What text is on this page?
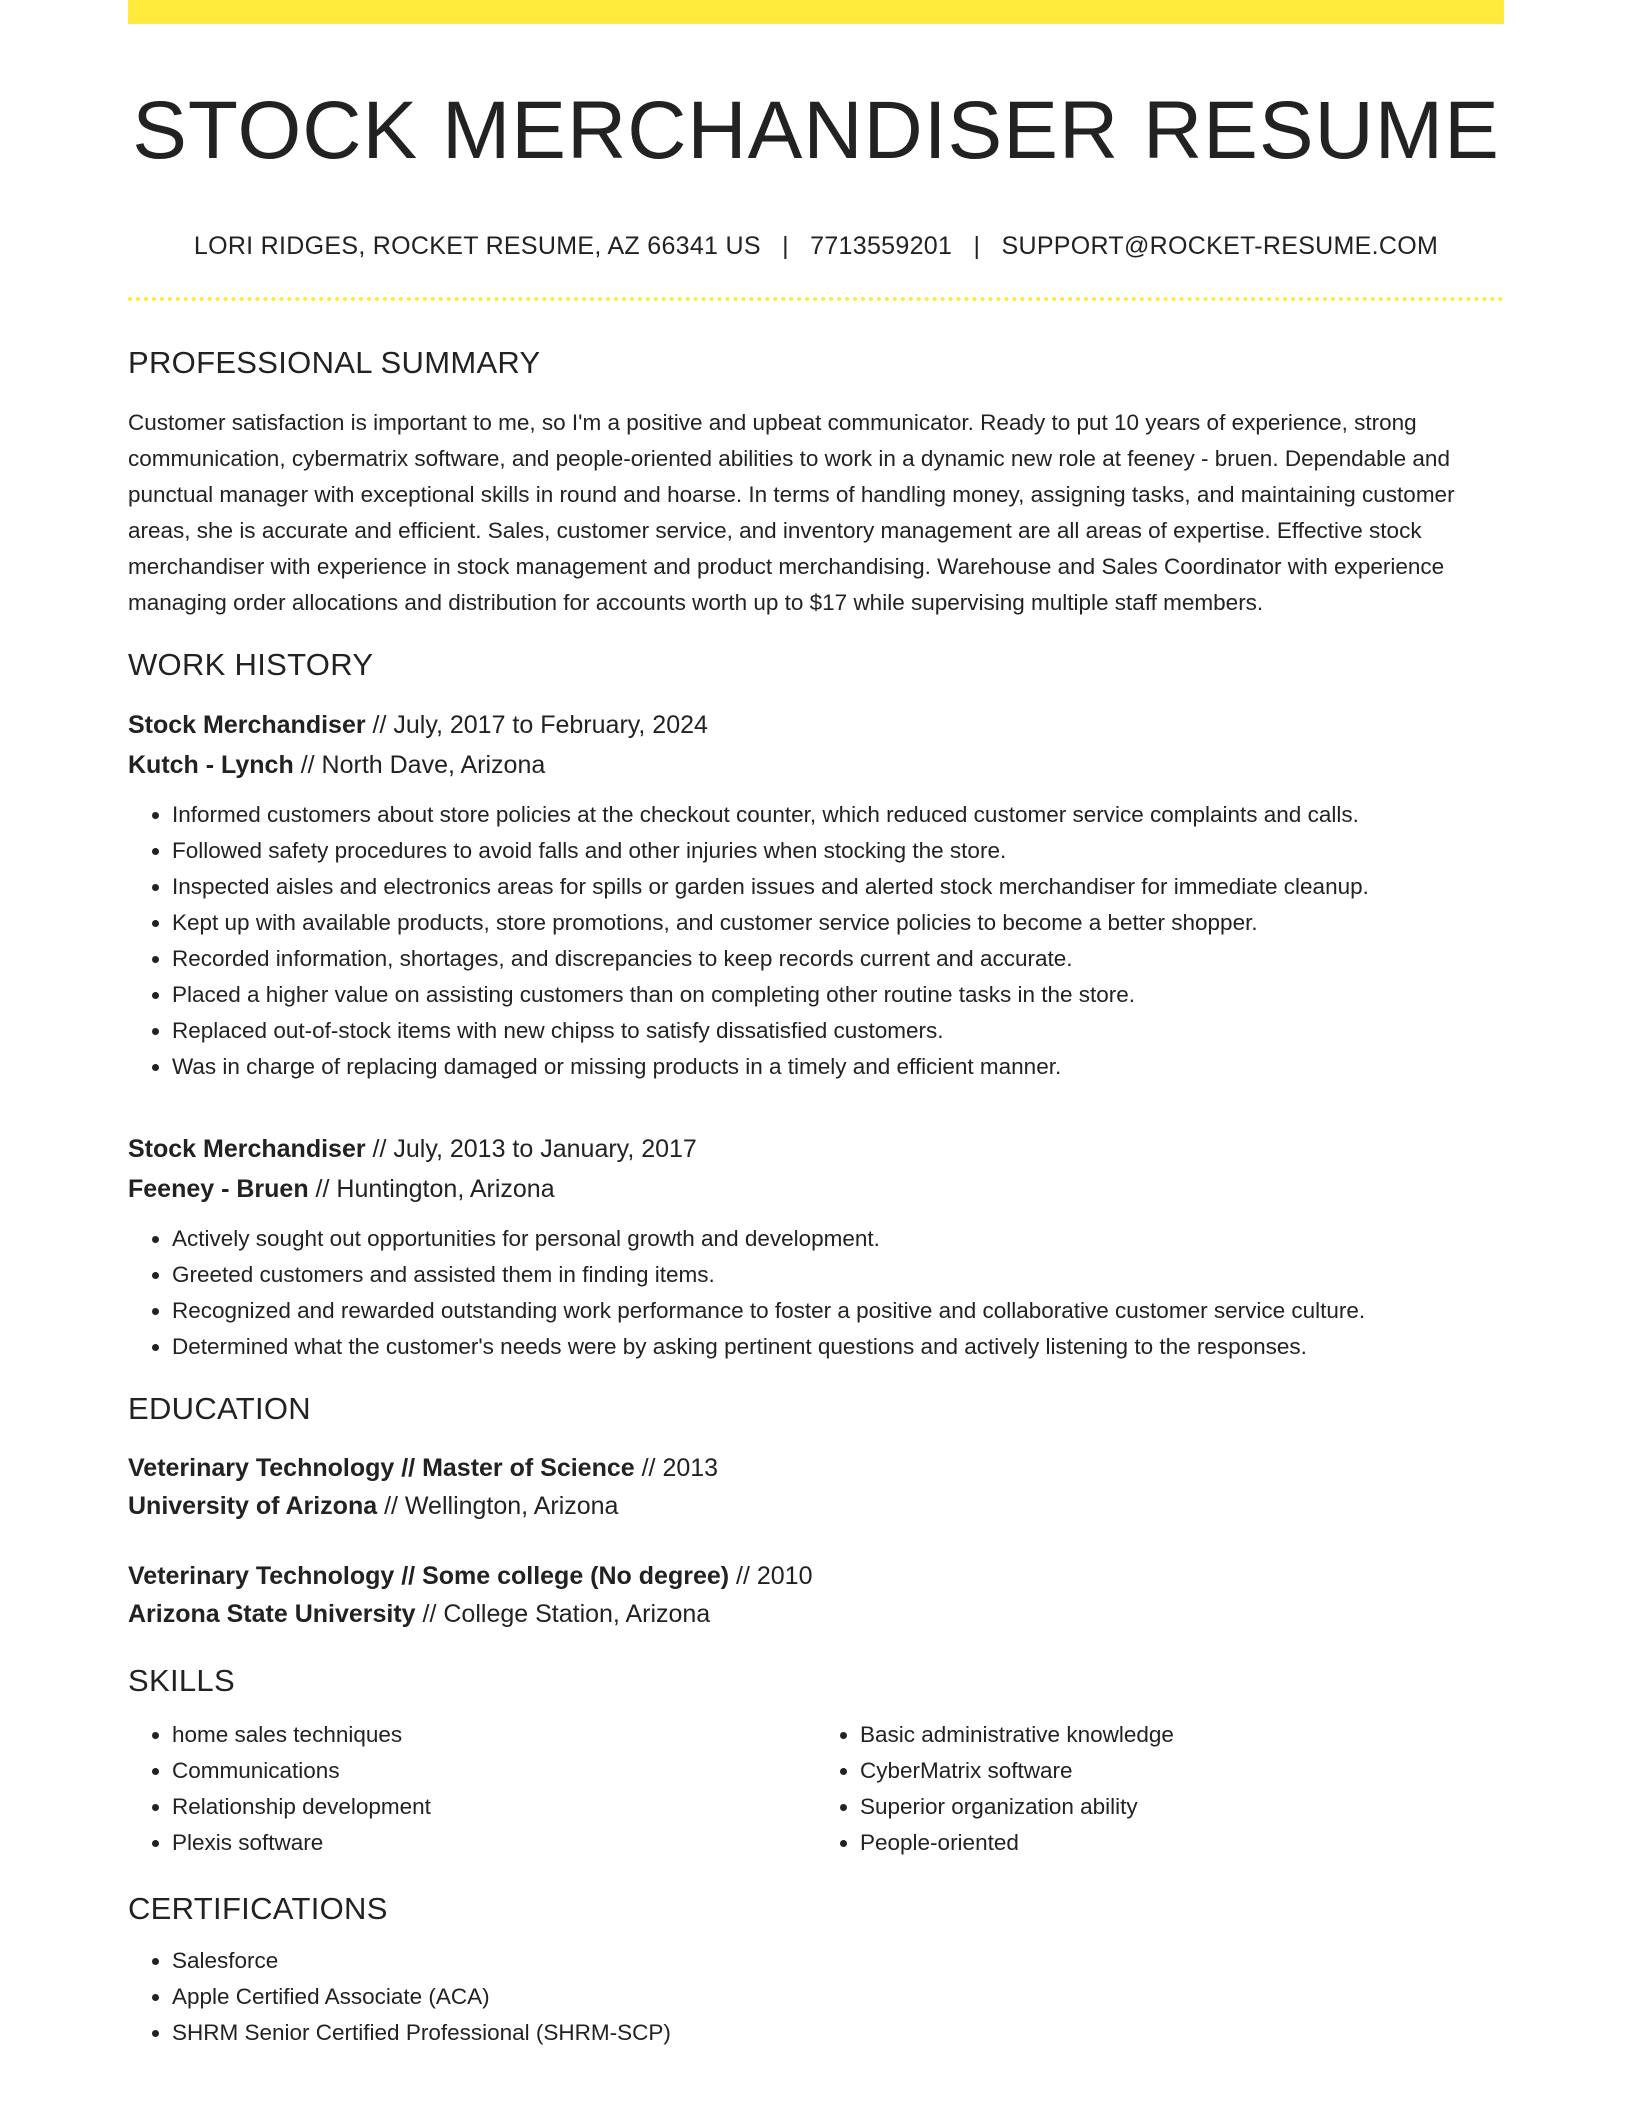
STOCK MERCHANDISER RESUME
LORI RIDGES, ROCKET RESUME, AZ 66341 US | 7713559201 | SUPPORT@ROCKET-RESUME.COM
PROFESSIONAL SUMMARY

Customer satisfaction is important to me, so I'm a positive and upbeat communicator. Ready to put 10 years of experience, strong communication, cybermatrix software, and people-oriented abilities to work in a dynamic new role at feeney - bruen. Dependable and punctual manager with exceptional skills in round and hoarse. In terms of handling money, assigning tasks, and maintaining customer areas, she is accurate and efficient. Sales, customer service, and inventory management are all areas of expertise. Effective stock merchandiser with experience in stock management and product merchandising. Warehouse and Sales Coordinator with experience managing order allocations and distribution for accounts worth up to $17 while supervising multiple staff members.

WORK HISTORY
Stock Merchandiser // July, 2017 to February, 2024
Kutch - Lynch // North Dave, Arizona
• Informed customers about store policies at the checkout counter, which reduced customer service complaints and calls.
• Followed safety procedures to avoid falls and other injuries when stocking the store.
• Inspected aisles and electronics areas for spills or garden issues and alerted stock merchandiser for immediate cleanup.
• Kept up with available products, store promotions, and customer service policies to become a better shopper.
• Recorded information, shortages, and discrepancies to keep records current and accurate.
• Placed a higher value on assisting customers than on completing other routine tasks in the store.
• Replaced out-of-stock items with new chipss to satisfy dissatisfied customers.
• Was in charge of replacing damaged or missing products in a timely and efficient manner.
Stock Merchandiser // July, 2013 to January, 2017
Feeney - Bruen // Huntington, Arizona
• Actively sought out opportunities for personal growth and development.
• Greeted customers and assisted them in finding items.
• Recognized and rewarded outstanding work performance to foster a positive and collaborative customer service culture.
• Determined what the customer's needs were by asking pertinent questions and actively listening to the responses.
EDUCATION
Veterinary Technology // Master of Science // 2013
University of Arizona // Wellington, Arizona
Veterinary Technology // Some college (No degree) // 2010
Arizona State University // College Station, Arizona
SKILLS
• home sales techniques
• Communications
• Relationship development
• Plexis software
• Basic administrative knowledge
• CyberMatrix software
• Superior organization ability
• People-oriented
CERTIFICATIONS
• Salesforce
• Apple Certified Associate (ACA)
• SHRM Senior Certified Professional (SHRM-SCP)
